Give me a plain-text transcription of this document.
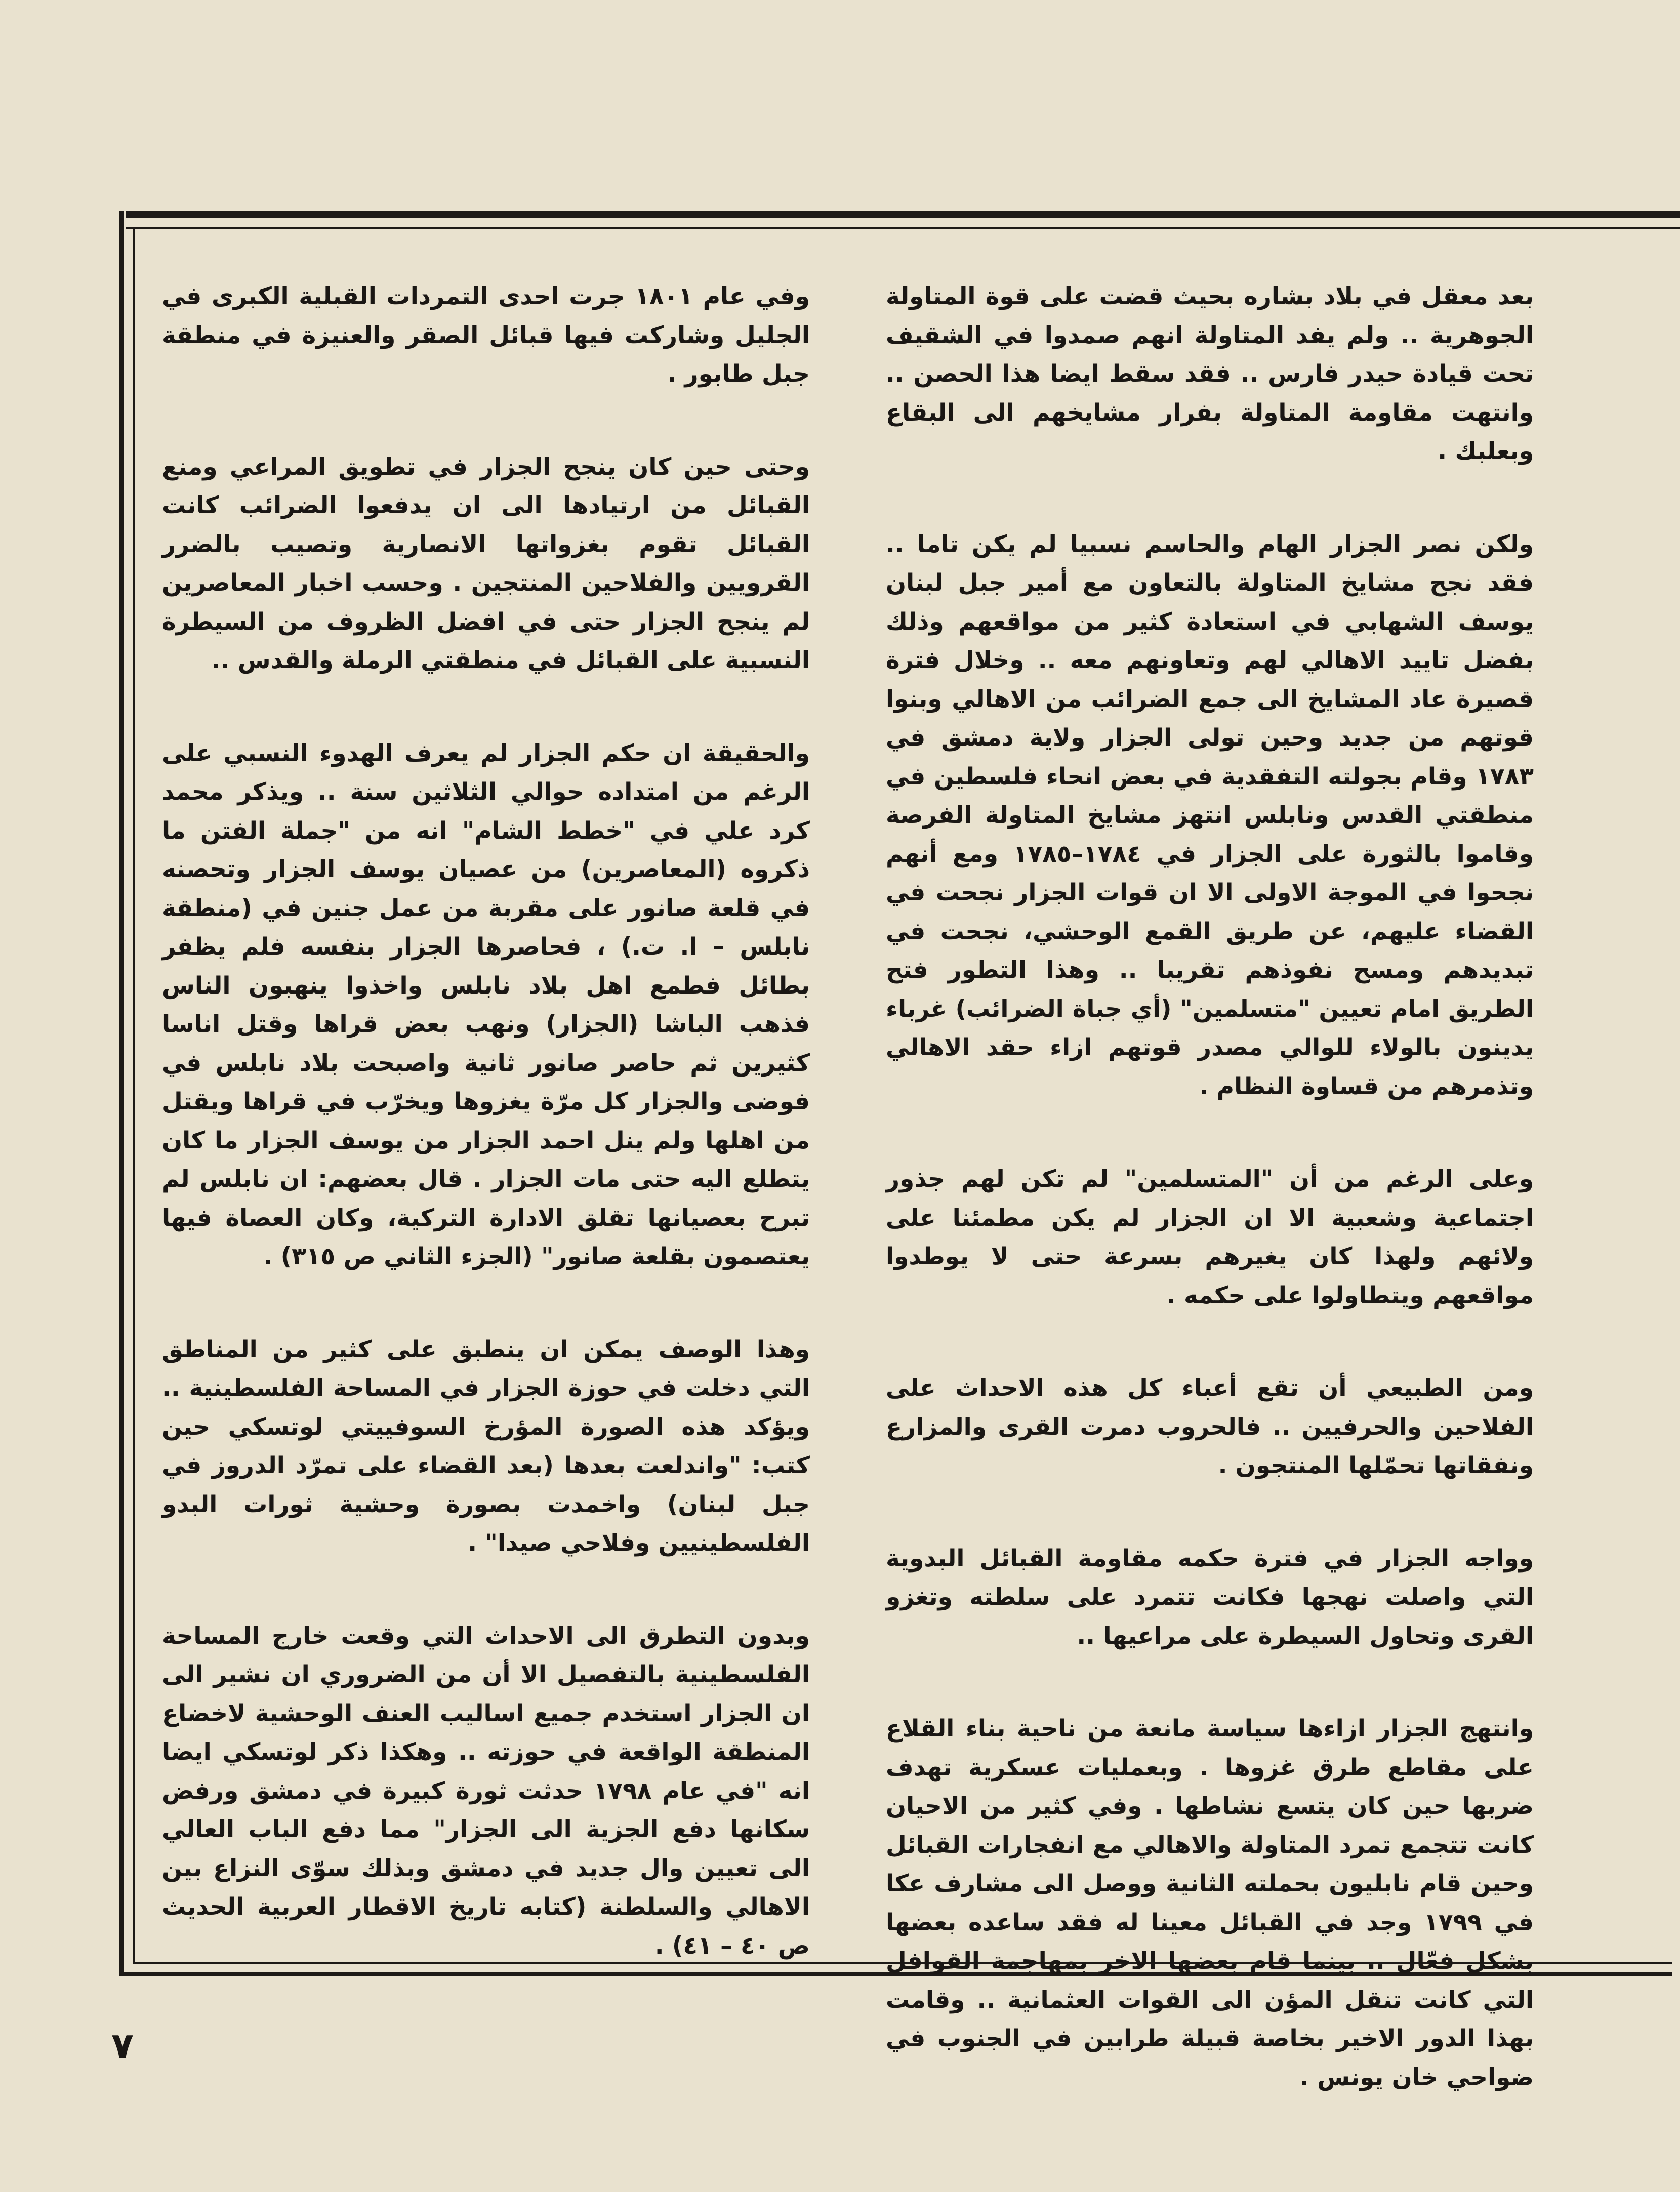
بعد معقل في بلاد بشاره بحيث قضت على قوة المتاولة الجوهرية .. ولم يفد المتاولة انهم صمدوا في الشقيف تحت قيادة حيدر فارس .. فقد سقط ايضا هذا الحصن .. وانتهت مقاومة المتاولة بفرار مشايخهم الى البقاع وبعلبك .

ولكن نصر الجزار الهام والحاسم نسبيا لم يكن تاما .. فقد نجح مشايخ المتاولة بالتعاون مع أمير جبل لبنان يوسف الشهابي في استعادة كثير من مواقعهم وذلك بفضل تاييد الاهالي لهم وتعاونهم معه .. وخلال فترة قصيرة عاد المشايخ الى جمع الضرائب من الاهالي وبنوا قوتهم من جديد وحين تولى الجزار ولاية دمشق في ١٧٨٣ وقام بجولته التفقدية في بعض انحاء فلسطين في منطقتي القدس ونابلس انتهز مشايخ المتاولة الفرصة وقاموا بالثورة على الجزار في ١٧٨٤–١٧٨٥ ومع أنهم نجحوا في الموجة الاولى الا ان قوات الجزار نجحت في القضاء عليهم، عن طريق القمع الوحشي، نجحت في تبديدهم ومسح نفوذهم تقريبا .. وهذا التطور فتح الطريق امام تعيين "متسلمين" (أي جباة الضرائب) غرباء يدينون بالولاء للوالي مصدر قوتهم ازاء حقد الاهالي وتذمرهم من قساوة النظام .

وعلى الرغم من أن "المتسلمين" لم تكن لهم جذور اجتماعية وشعبية الا ان الجزار لم يكن مطمئنا على ولائهم ولهذا كان يغيرهم بسرعة حتى لا يوطدوا مواقعهم ويتطاولوا على حكمه .

ومن الطبيعي أن تقع أعباء كل هذه الاحداث على الفلاحين والحرفيين .. فالحروب دمرت القرى والمزارع ونفقاتها تحمّلها المنتجون .

وواجه الجزار في فترة حكمه مقاومة القبائل البدوية التي واصلت نهجها فكانت تتمرد على سلطته وتغزو القرى وتحاول السيطرة على مراعيها ..

وانتهج الجزار ازاءها سياسة مانعة من ناحية بناء القلاع على مقاطع طرق غزوها . وبعمليات عسكرية تهدف ضربها حين كان يتسع نشاطها . وفي كثير من الاحيان كانت تتجمع تمرد المتاولة والاهالي مع انفجارات القبائل وحين قام نابليون بحملته الثانية ووصل الى مشارف عكا في ١٧٩٩ وجد في القبائل معينا له فقد ساعده بعضها بشكل فعّال .. بينما قام بعضها الاخر بمهاجمة القوافل التي كانت تنقل المؤن الى القوات العثمانية .. وقامت بهذا الدور الاخير بخاصة قبيلة طرابين في الجنوب في ضواحي خان يونس .

وفي عام ١٨٠١ جرت احدى التمردات القبلية الكبرى في الجليل وشاركت فيها قبائل الصقر والعنيزة في منطقة جبل طابور .

وحتى حين كان ينجح الجزار في تطويق المراعي ومنع القبائل من ارتيادها الى ان يدفعوا الضرائب كانت القبائل تقوم بغزواتها الانصارية وتصيب بالضرر القرويين والفلاحين المنتجين . وحسب اخبار المعاصرين لم ينجح الجزار حتى في افضل الظروف من السيطرة النسبية على القبائل في منطقتي الرملة والقدس ..

والحقيقة ان حكم الجزار لم يعرف الهدوء النسبي على الرغم من امتداده حوالي الثلاثين سنة .. ويذكر محمد كرد علي في "خطط الشام" انه من "جملة الفتن ما ذكروه (المعاصرين) من عصيان يوسف الجزار وتحصنه في قلعة صانور على مقربة من عمل جنين في (منطقة نابلس – ا. ت.) ، فحاصرها الجزار بنفسه فلم يظفر بطائل فطمع اهل بلاد نابلس واخذوا ينهبون الناس فذهب الباشا (الجزار) ونهب بعض قراها وقتل اناسا كثيرين ثم حاصر صانور ثانية واصبحت بلاد نابلس في فوضى والجزار كل مرّة يغزوها ويخرّب في قراها ويقتل من اهلها ولم ينل احمد الجزار من يوسف الجزار ما كان يتطلع اليه حتى مات الجزار . قال بعضهم: ان نابلس لم تبرح بعصيانها تقلق الادارة التركية، وكان العصاة فيها يعتصمون بقلعة صانور" (الجزء الثاني ص ٣١٥) .

وهذا الوصف يمكن ان ينطبق على كثير من المناطق التي دخلت في حوزة الجزار في المساحة الفلسطينية .. ويؤكد هذه الصورة المؤرخ السوفييتي لوتسكي حين كتب: "واندلعت بعدها (بعد القضاء على تمرّد الدروز في جبل لبنان) واخمدت بصورة وحشية ثورات البدو الفلسطينيين وفلاحي صيدا" .

وبدون التطرق الى الاحداث التي وقعت خارج المساحة الفلسطينية بالتفصيل الا أن من الضروري ان نشير الى ان الجزار استخدم جميع اساليب العنف الوحشية لاخضاع المنطقة الواقعة في حوزته .. وهكذا ذكر لوتسكي ايضا انه "في عام ١٧٩٨ حدثت ثورة كبيرة في دمشق ورفض سكانها دفع الجزية الى الجزار" مما دفع الباب العالي الى تعيين وال جديد في دمشق وبذلك سوّى النزاع بين الاهالي والسلطنة (كتابه تاريخ الاقطار العربية الحديث ص ٤٠ – ٤١) .

٧
